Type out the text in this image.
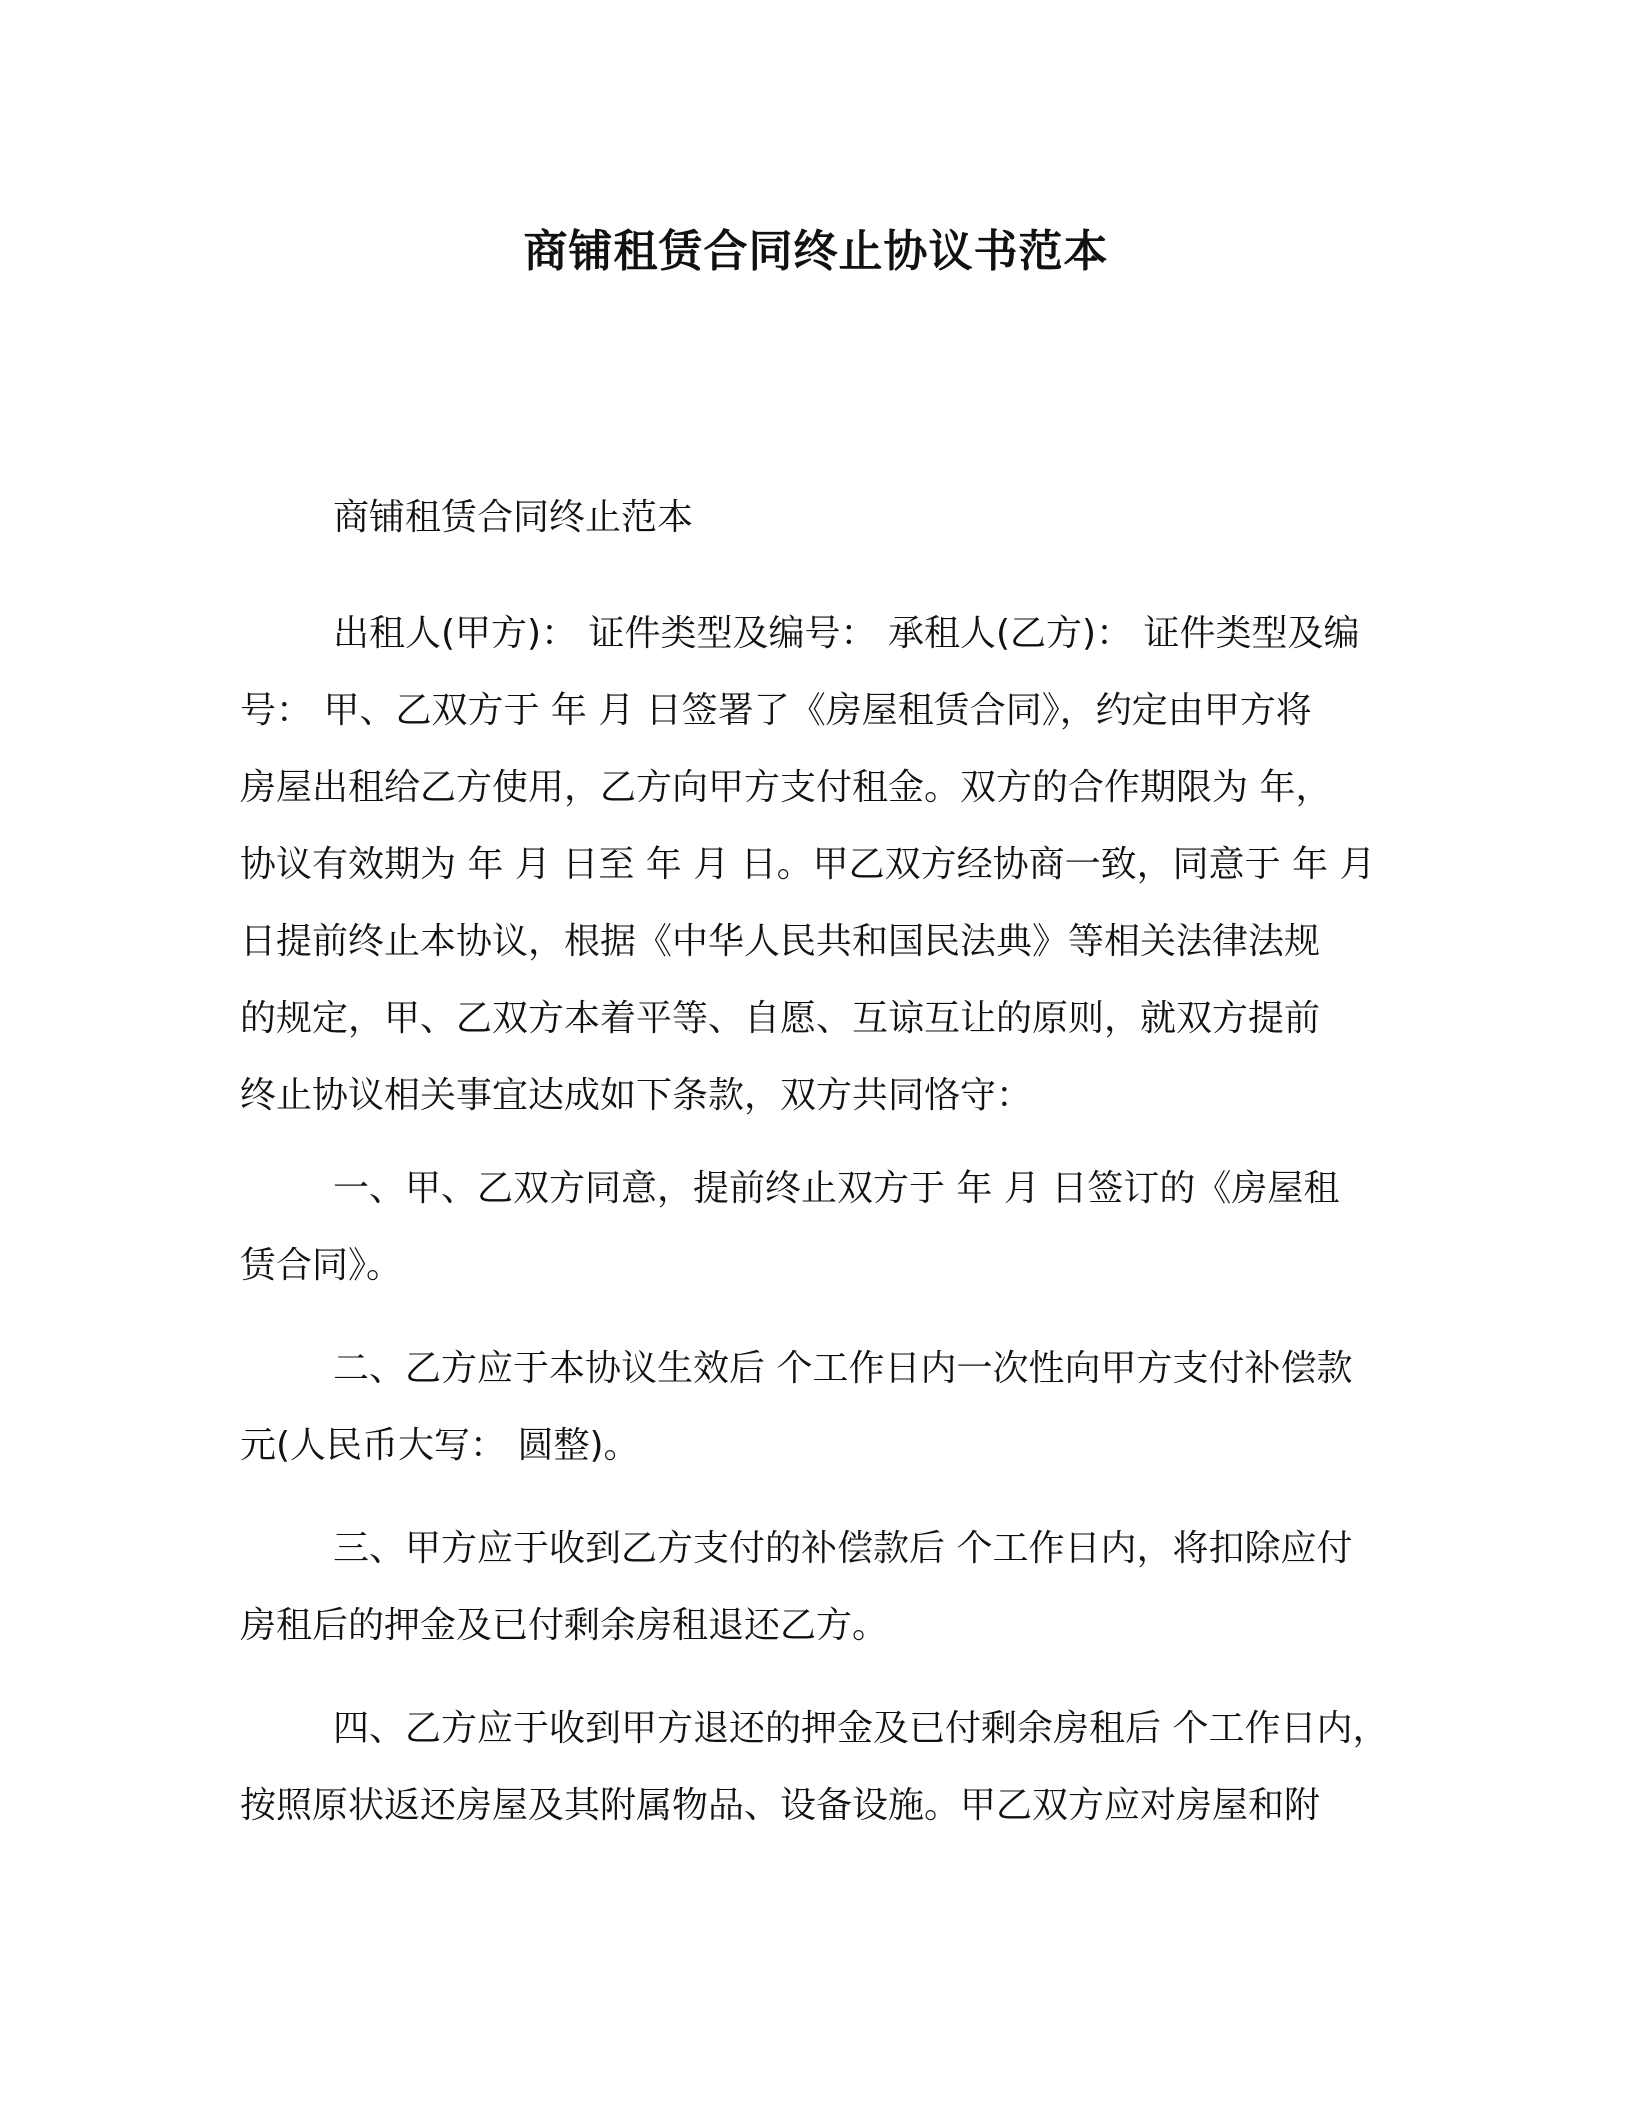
商铺租赁合同终止协议书范本
商铺租赁合同终止范本
出租人(甲方)： 证件类型及编号： 承租人(乙方)： 证件类型及编
号： 甲、乙双方于 年 月 日签署了《房屋租赁合同》，约定由甲方将
房屋出租给乙方使用，乙方向甲方支付租金。双方的合作期限为 年，
协议有效期为 年 月 日至 年 月 日。甲乙双方经协商一致，同意于 年 月
日提前终止本协议，根据《中华人民共和国民法典》等相关法律法规
的规定，甲、乙双方本着平等、自愿、互谅互让的原则，就双方提前
终止协议相关事宜达成如下条款，双方共同恪守：
一、甲、乙双方同意，提前终止双方于 年 月 日签订的《房屋租
赁合同》。
二、乙方应于本协议生效后 个工作日内一次性向甲方支付补偿款
元(人民币大写： 圆整)。
三、甲方应于收到乙方支付的补偿款后 个工作日内，将扣除应付
房租后的押金及已付剩余房租退还乙方。
四、乙方应于收到甲方退还的押金及已付剩余房租后 个工作日内，
按照原状返还房屋及其附属物品、设备设施。甲乙双方应对房屋和附
